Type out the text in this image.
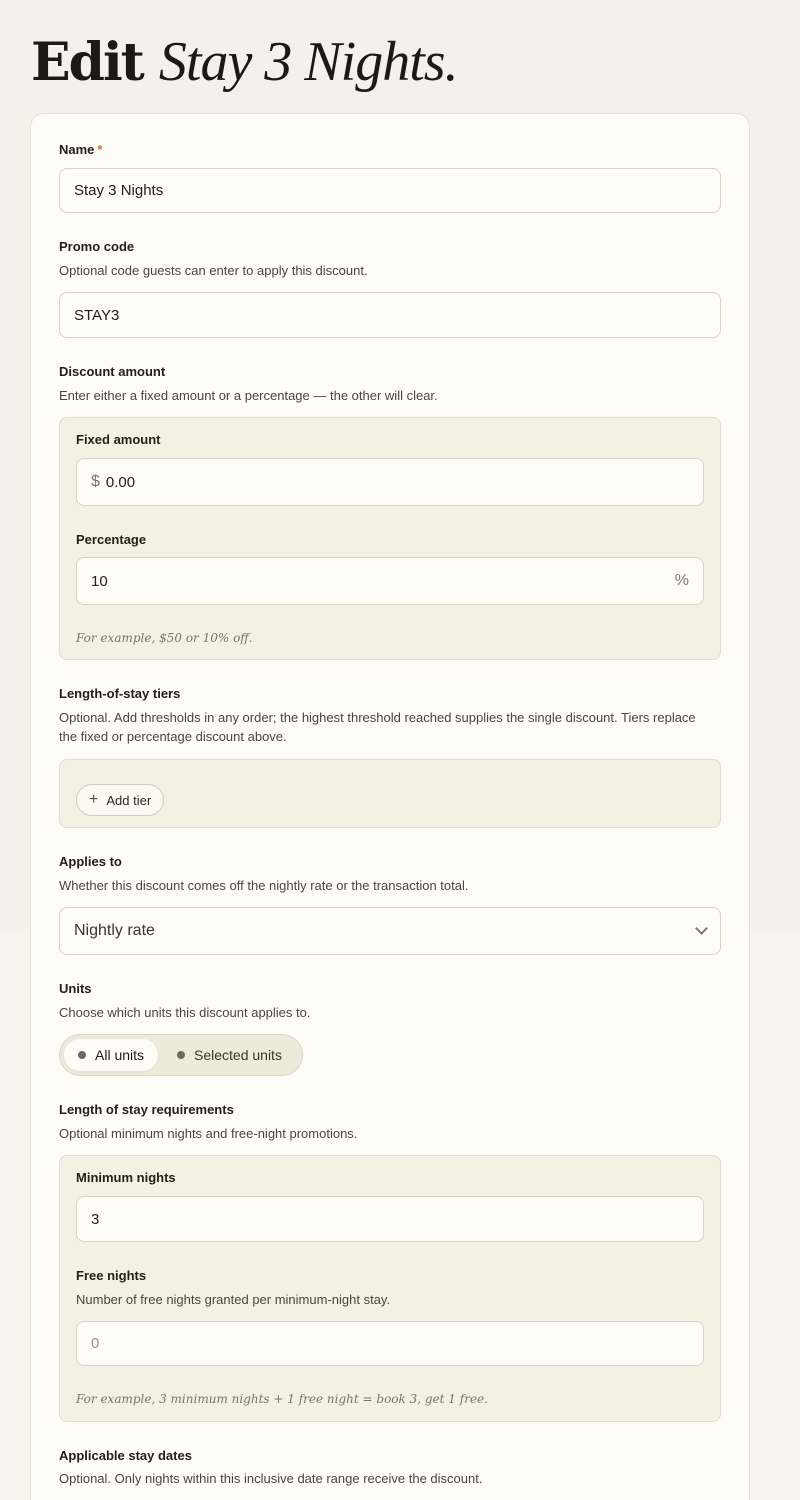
Edit Stay 3 Nights.
Name *
Stay 3 Nights
Promo code
Optional code guests can enter to apply this discount.
STAY3
Discount amount
Enter either a fixed amount or a percentage — the other will clear.
Fixed amount
$ 0.00
Percentage
10	%
For example, $50 or 10% off.
Length-of-stay tiers
Optional. Add thresholds in any order; the highest threshold reached supplies the single discount. Tiers replace the fixed or percentage discount above.
+ Add tier
Applies to
Whether this discount comes off the nightly rate or the transaction total.
Nightly rate
Units
Choose which units this discount applies to.
All units	Selected units
Length of stay requirements
Optional minimum nights and free-night promotions.
Minimum nights
3
Free nights
Number of free nights granted per minimum-night stay.
0
For example, 3 minimum nights + 1 free night = book 3, get 1 free.
Applicable stay dates
Optional. Only nights within this inclusive date range receive the discount.
